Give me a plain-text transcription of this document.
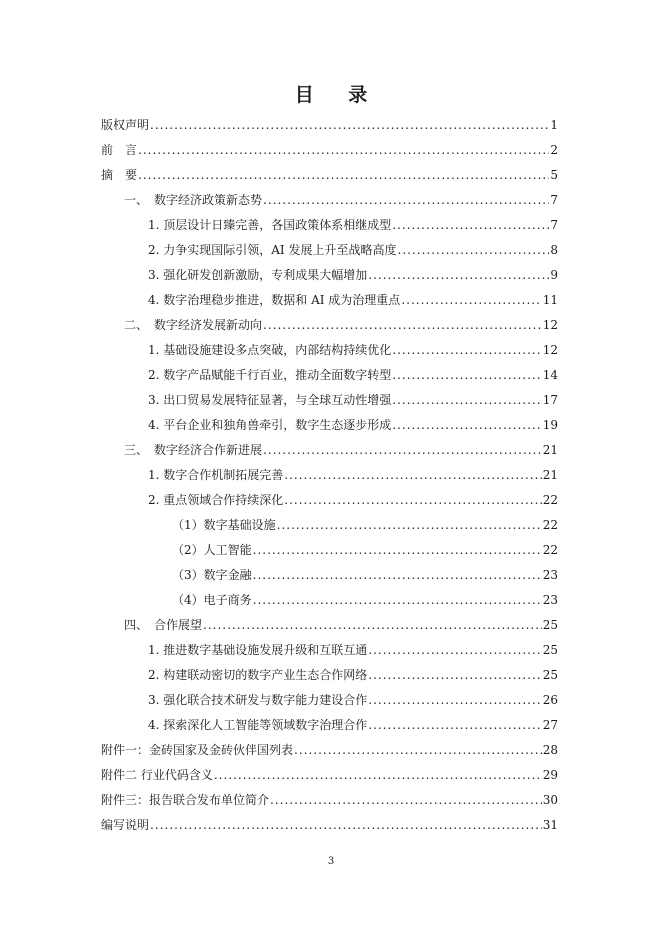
目 录
版权声明 .....	1
前　言 .....	2
摘　要 .....	5
一、　数字经济政策新态势 .....	7
1. 顶层设计日臻完善，各国政策体系相继成型 .....	7
2. 力争实现国际引领，AI 发展上升至战略高度 .....	8
3. 强化研发创新激励，专利成果大幅增加 .....	9
4. 数字治理稳步推进，数据和 AI 成为治理重点 .....	11
二、　数字经济发展新动向 .....	12
1. 基础设施建设多点突破，内部结构持续优化 .....	12
2. 数字产品赋能千行百业，推动全面数字转型 .....	14
3. 出口贸易发展特征显著，与全球互动性增强 .....	17
4. 平台企业和独角兽牵引，数字生态逐步形成 .....	19
三、　数字经济合作新进展 .....	21
1. 数字合作机制拓展完善 .....	21
2. 重点领域合作持续深化 .....	22
（1）数字基础设施 .....	22
（2）人工智能 .....	22
（3）数字金融 .....	23
（4）电子商务 .....	23
四、　合作展望 .....	25
1. 推进数字基础设施发展升级和互联互通 .....	25
2. 构建联动密切的数字产业生态合作网络 .....	25
3. 强化联合技术研发与数字能力建设合作 .....	26
4. 探索深化人工智能等领域数字治理合作 .....	27
附件一：金砖国家及金砖伙伴国列表 .....	28
附件二 行业代码含义 .....	29
附件三：报告联合发布单位简介 .....	30
编写说明 .....	31
3
